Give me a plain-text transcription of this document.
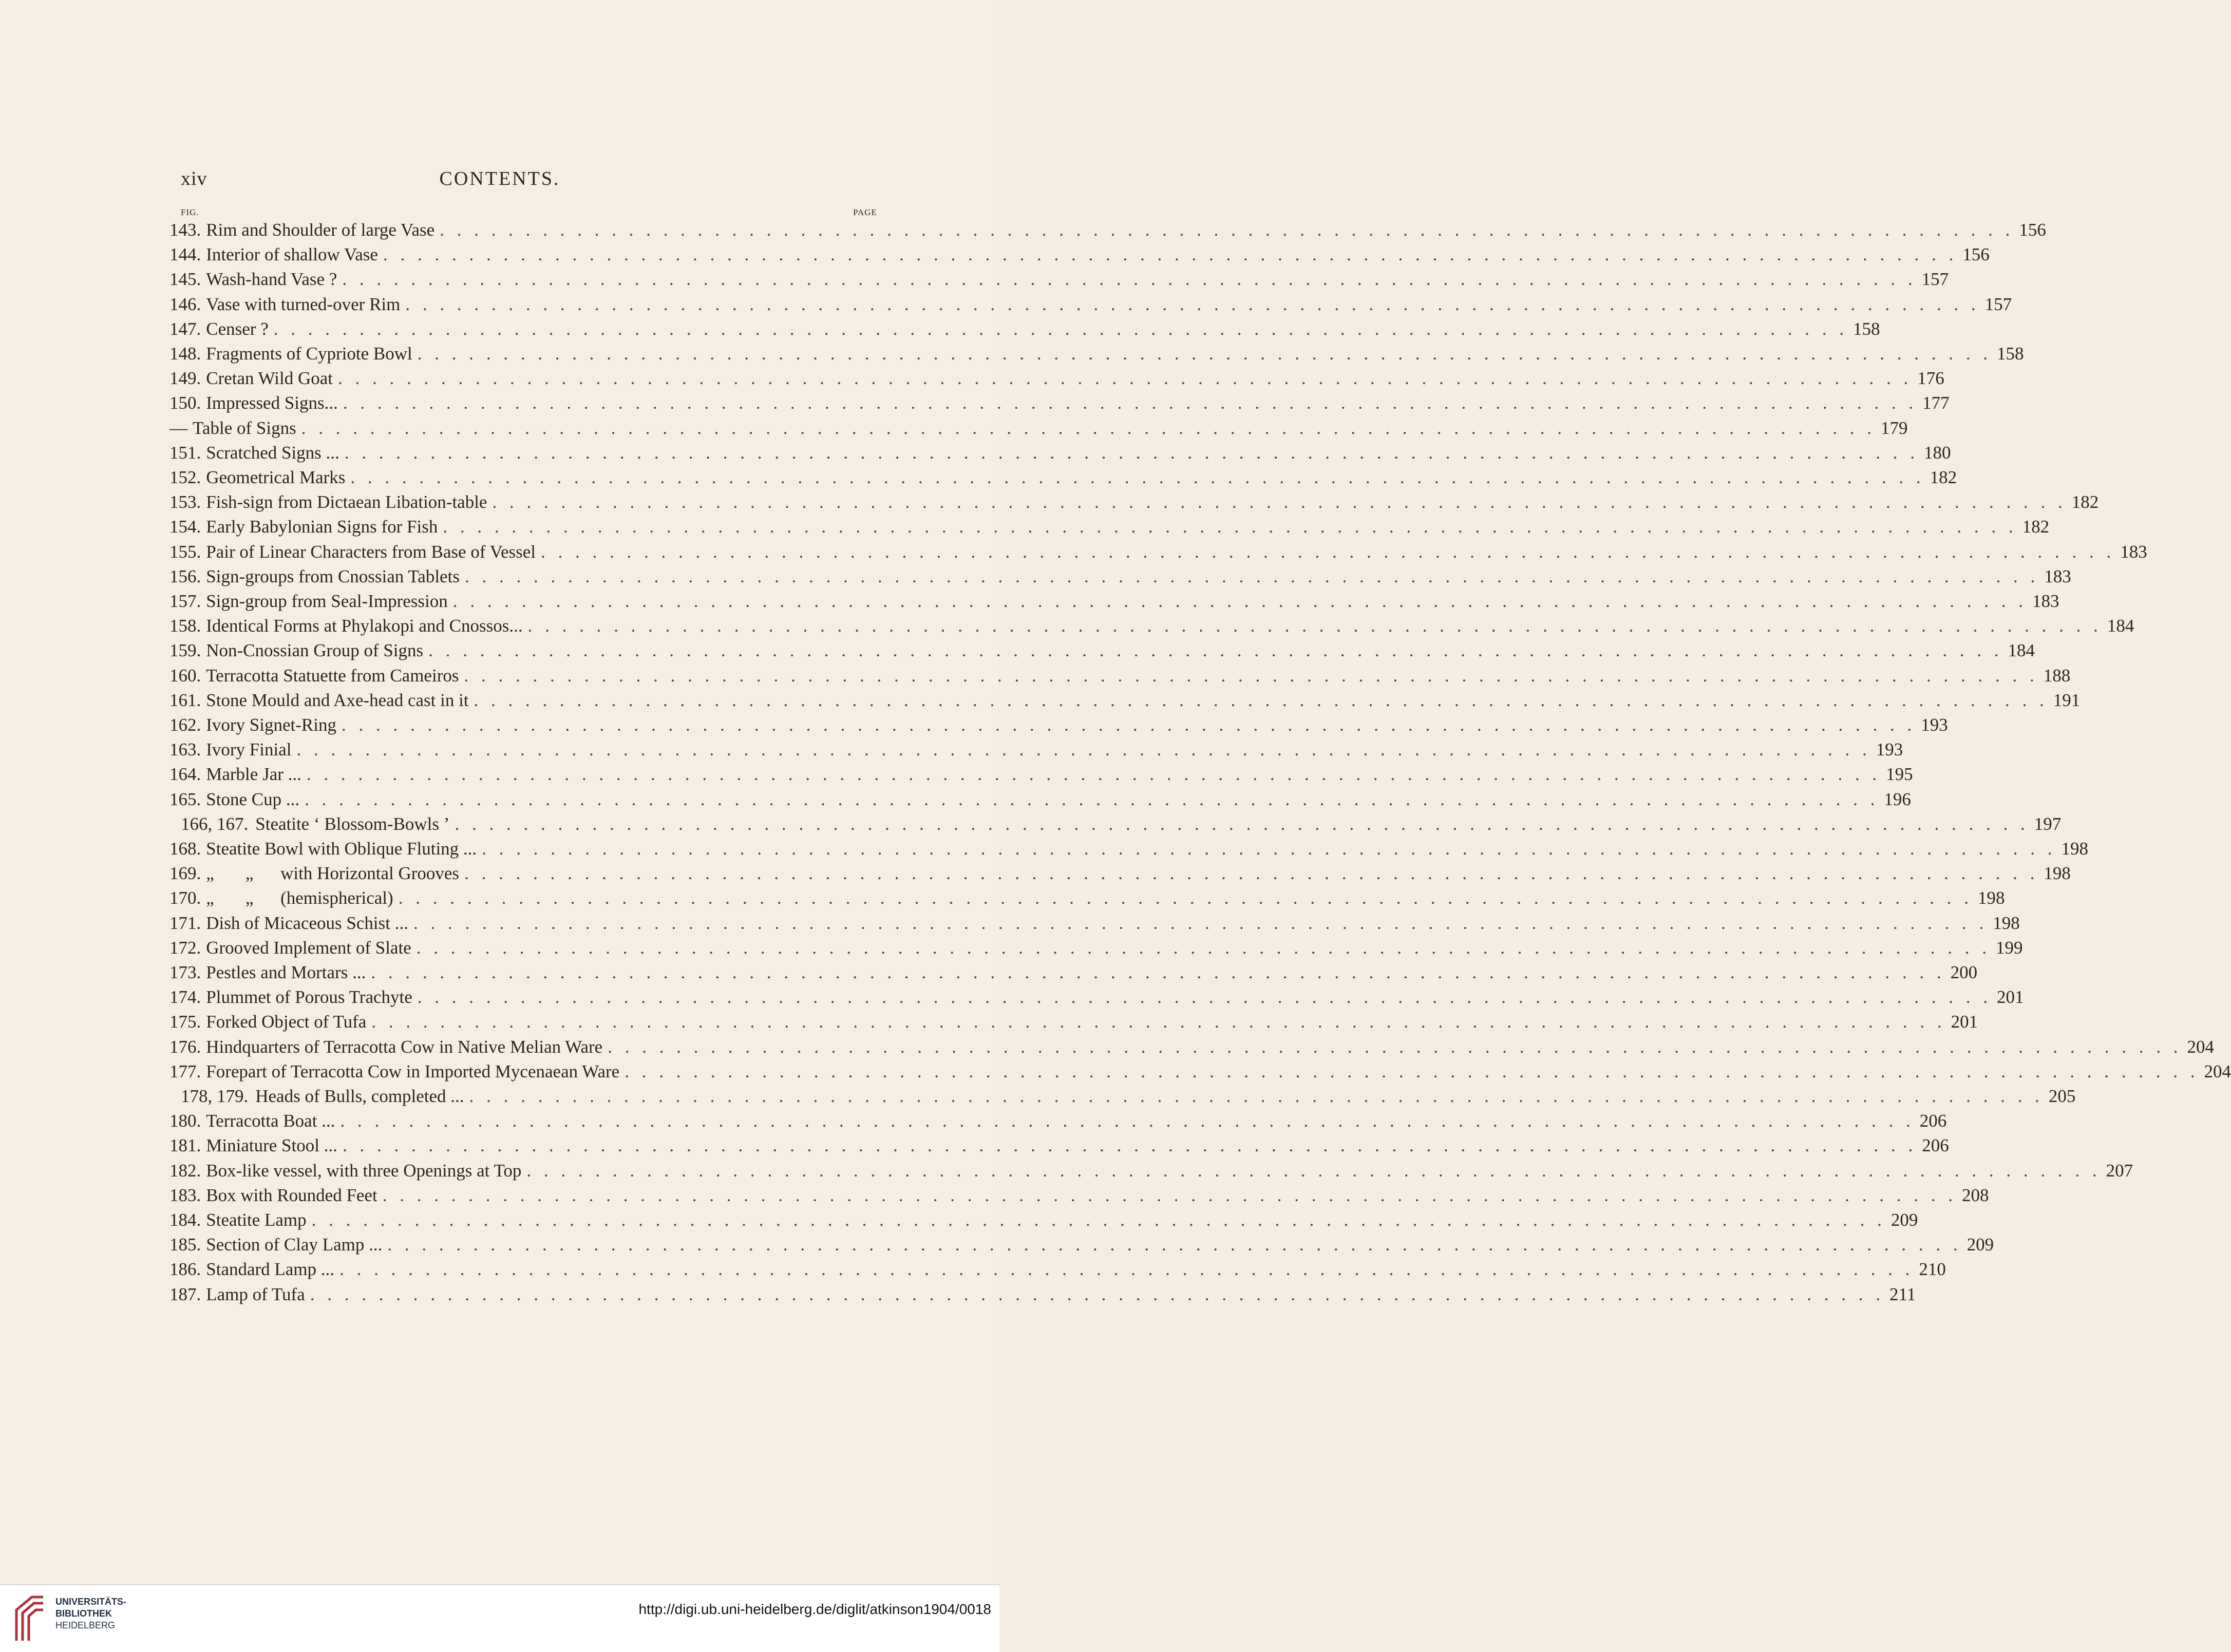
xiv	CONTENTS.
FIG.	PAGE
143. Rim and Shoulder of large Vase . . . . . . . . . . . . . . . . . . . . . . . . . . . . . . . . . . . . . . . . . . . . . . . . . . . . . . . . . . . . . . . . . . . . . . . . . . . . . . . . . . . . . . . . . . . . 156
144. Interior of shallow Vase . . . . . . . . . . . . . . . . . . . . . . . . . . . . . . . . . . . . . . . . . . . . . . . . . . . . . . . . . . . . . . . . . . . . . . . . . . . . . . . . . . . . . . . . . . . . 156
145. Wash-hand Vase ? . . . . . . . . . . . . . . . . . . . . . . . . . . . . . . . . . . . . . . . . . . . . . . . . . . . . . . . . . . . . . . . . . . . . . . . . . . . . . . . . . . . . . . . . . . . . 157
146. Vase with turned-over Rim . . . . . . . . . . . . . . . . . . . . . . . . . . . . . . . . . . . . . . . . . . . . . . . . . . . . . . . . . . . . . . . . . . . . . . . . . . . . . . . . . . . . . . . . . . . . 157
147. Censer ? . . . . . . . . . . . . . . . . . . . . . . . . . . . . . . . . . . . . . . . . . . . . . . . . . . . . . . . . . . . . . . . . . . . . . . . . . . . . . . . . . . . . . . . . . . . . 158
148. Fragments of Cypriote Bowl . . . . . . . . . . . . . . . . . . . . . . . . . . . . . . . . . . . . . . . . . . . . . . . . . . . . . . . . . . . . . . . . . . . . . . . . . . . . . . . . . . . . . . . . . . . . 158
149. Cretan Wild Goat . . . . . . . . . . . . . . . . . . . . . . . . . . . . . . . . . . . . . . . . . . . . . . . . . . . . . . . . . . . . . . . . . . . . . . . . . . . . . . . . . . . . . . . . . . . . 176
150. Impressed Signs... . . . . . . . . . . . . . . . . . . . . . . . . . . . . . . . . . . . . . . . . . . . . . . . . . . . . . . . . . . . . . . . . . . . . . . . . . . . . . . . . . . . . . . . . . . . . 177
— Table of Signs . . . . . . . . . . . . . . . . . . . . . . . . . . . . . . . . . . . . . . . . . . . . . . . . . . . . . . . . . . . . . . . . . . . . . . . . . . . . . . . . . . . . . . . . . . . . 179
151. Scratched Signs ... . . . . . . . . . . . . . . . . . . . . . . . . . . . . . . . . . . . . . . . . . . . . . . . . . . . . . . . . . . . . . . . . . . . . . . . . . . . . . . . . . . . . . . . . . . . . 180
152. Geometrical Marks . . . . . . . . . . . . . . . . . . . . . . . . . . . . . . . . . . . . . . . . . . . . . . . . . . . . . . . . . . . . . . . . . . . . . . . . . . . . . . . . . . . . . . . . . . . . 182
153. Fish-sign from Dictaean Libation-table . . . . . . . . . . . . . . . . . . . . . . . . . . . . . . . . . . . . . . . . . . . . . . . . . . . . . . . . . . . . . . . . . . . . . . . . . . . . . . . . . . . . . . . . . . . . 182
154. Early Babylonian Signs for Fish . . . . . . . . . . . . . . . . . . . . . . . . . . . . . . . . . . . . . . . . . . . . . . . . . . . . . . . . . . . . . . . . . . . . . . . . . . . . . . . . . . . . . . . . . . . . 182
155. Pair of Linear Characters from Base of Vessel . . . . . . . . . . . . . . . . . . . . . . . . . . . . . . . . . . . . . . . . . . . . . . . . . . . . . . . . . . . . . . . . . . . . . . . . . . . . . . . . . . . . . . . . . . . . 183
156. Sign-groups from Cnossian Tablets . . . . . . . . . . . . . . . . . . . . . . . . . . . . . . . . . . . . . . . . . . . . . . . . . . . . . . . . . . . . . . . . . . . . . . . . . . . . . . . . . . . . . . . . . . . . 183
157. Sign-group from Seal-Impression . . . . . . . . . . . . . . . . . . . . . . . . . . . . . . . . . . . . . . . . . . . . . . . . . . . . . . . . . . . . . . . . . . . . . . . . . . . . . . . . . . . . . . . . . . . . 183
158. Identical Forms at Phylakopi and Cnossos... . . . . . . . . . . . . . . . . . . . . . . . . . . . . . . . . . . . . . . . . . . . . . . . . . . . . . . . . . . . . . . . . . . . . . . . . . . . . . . . . . . . . . . . . . . . . 184
159. Non-Cnossian Group of Signs . . . . . . . . . . . . . . . . . . . . . . . . . . . . . . . . . . . . . . . . . . . . . . . . . . . . . . . . . . . . . . . . . . . . . . . . . . . . . . . . . . . . . . . . . . . . 184
160. Terracotta Statuette from Cameiros . . . . . . . . . . . . . . . . . . . . . . . . . . . . . . . . . . . . . . . . . . . . . . . . . . . . . . . . . . . . . . . . . . . . . . . . . . . . . . . . . . . . . . . . . . . . 188
161. Stone Mould and Axe-head cast in it . . . . . . . . . . . . . . . . . . . . . . . . . . . . . . . . . . . . . . . . . . . . . . . . . . . . . . . . . . . . . . . . . . . . . . . . . . . . . . . . . . . . . . . . . . . . 191
162. Ivory Signet-Ring . . . . . . . . . . . . . . . . . . . . . . . . . . . . . . . . . . . . . . . . . . . . . . . . . . . . . . . . . . . . . . . . . . . . . . . . . . . . . . . . . . . . . . . . . . . . 193
163. Ivory Finial . . . . . . . . . . . . . . . . . . . . . . . . . . . . . . . . . . . . . . . . . . . . . . . . . . . . . . . . . . . . . . . . . . . . . . . . . . . . . . . . . . . . . . . . . . . . 193
164. Marble Jar ... . . . . . . . . . . . . . . . . . . . . . . . . . . . . . . . . . . . . . . . . . . . . . . . . . . . . . . . . . . . . . . . . . . . . . . . . . . . . . . . . . . . . . . . . . . . . 195
165. Stone Cup ... . . . . . . . . . . . . . . . . . . . . . . . . . . . . . . . . . . . . . . . . . . . . . . . . . . . . . . . . . . . . . . . . . . . . . . . . . . . . . . . . . . . . . . . . . . . . 196
166, 167. Steatite ‘ Blossom-Bowls ’ . . . . . . . . . . . . . . . . . . . . . . . . . . . . . . . . . . . . . . . . . . . . . . . . . . . . . . . . . . . . . . . . . . . . . . . . . . . . . . . . . . . . . . . . . . . . 197
168. Steatite Bowl with Oblique Fluting ... . . . . . . . . . . . . . . . . . . . . . . . . . . . . . . . . . . . . . . . . . . . . . . . . . . . . . . . . . . . . . . . . . . . . . . . . . . . . . . . . . . . . . . . . . . . . 198
169. „       „      with Horizontal Grooves . . . . . . . . . . . . . . . . . . . . . . . . . . . . . . . . . . . . . . . . . . . . . . . . . . . . . . . . . . . . . . . . . . . . . . . . . . . . . . . . . . . . . . . . . . . . 198
170. „       „      (hemispherical) . . . . . . . . . . . . . . . . . . . . . . . . . . . . . . . . . . . . . . . . . . . . . . . . . . . . . . . . . . . . . . . . . . . . . . . . . . . . . . . . . . . . . . . . . . . . 198
171. Dish of Micaceous Schist ... . . . . . . . . . . . . . . . . . . . . . . . . . . . . . . . . . . . . . . . . . . . . . . . . . . . . . . . . . . . . . . . . . . . . . . . . . . . . . . . . . . . . . . . . . . . . 198
172. Grooved Implement of Slate . . . . . . . . . . . . . . . . . . . . . . . . . . . . . . . . . . . . . . . . . . . . . . . . . . . . . . . . . . . . . . . . . . . . . . . . . . . . . . . . . . . . . . . . . . . . 199
173. Pestles and Mortars ... . . . . . . . . . . . . . . . . . . . . . . . . . . . . . . . . . . . . . . . . . . . . . . . . . . . . . . . . . . . . . . . . . . . . . . . . . . . . . . . . . . . . . . . . . . . . 200
174. Plummet of Porous Trachyte . . . . . . . . . . . . . . . . . . . . . . . . . . . . . . . . . . . . . . . . . . . . . . . . . . . . . . . . . . . . . . . . . . . . . . . . . . . . . . . . . . . . . . . . . . . . 201
175. Forked Object of Tufa . . . . . . . . . . . . . . . . . . . . . . . . . . . . . . . . . . . . . . . . . . . . . . . . . . . . . . . . . . . . . . . . . . . . . . . . . . . . . . . . . . . . . . . . . . . . 201
176. Hindquarters of Terracotta Cow in Native Melian Ware . . . . . . . . . . . . . . . . . . . . . . . . . . . . . . . . . . . . . . . . . . . . . . . . . . . . . . . . . . . . . . . . . . . . . . . . . . . . . . . . . . . . . . . . . . . . 204
177. Forepart of Terracotta Cow in Imported Mycenaean Ware . . . . . . . . . . . . . . . . . . . . . . . . . . . . . . . . . . . . . . . . . . . . . . . . . . . . . . . . . . . . . . . . . . . . . . . . . . . . . . . . . . . . . . . . . . . . 204
178, 179. Heads of Bulls, completed ... . . . . . . . . . . . . . . . . . . . . . . . . . . . . . . . . . . . . . . . . . . . . . . . . . . . . . . . . . . . . . . . . . . . . . . . . . . . . . . . . . . . . . . . . . . . . 205
180. Terracotta Boat ... . . . . . . . . . . . . . . . . . . . . . . . . . . . . . . . . . . . . . . . . . . . . . . . . . . . . . . . . . . . . . . . . . . . . . . . . . . . . . . . . . . . . . . . . . . . . 206
181. Miniature Stool ... . . . . . . . . . . . . . . . . . . . . . . . . . . . . . . . . . . . . . . . . . . . . . . . . . . . . . . . . . . . . . . . . . . . . . . . . . . . . . . . . . . . . . . . . . . . . 206
182. Box-like vessel, with three Openings at Top . . . . . . . . . . . . . . . . . . . . . . . . . . . . . . . . . . . . . . . . . . . . . . . . . . . . . . . . . . . . . . . . . . . . . . . . . . . . . . . . . . . . . . . . . . . . 207
183. Box with Rounded Feet . . . . . . . . . . . . . . . . . . . . . . . . . . . . . . . . . . . . . . . . . . . . . . . . . . . . . . . . . . . . . . . . . . . . . . . . . . . . . . . . . . . . . . . . . . . . 208
184. Steatite Lamp . . . . . . . . . . . . . . . . . . . . . . . . . . . . . . . . . . . . . . . . . . . . . . . . . . . . . . . . . . . . . . . . . . . . . . . . . . . . . . . . . . . . . . . . . . . . 209
185. Section of Clay Lamp ... . . . . . . . . . . . . . . . . . . . . . . . . . . . . . . . . . . . . . . . . . . . . . . . . . . . . . . . . . . . . . . . . . . . . . . . . . . . . . . . . . . . . . . . . . . . . 209
186. Standard Lamp ... . . . . . . . . . . . . . . . . . . . . . . . . . . . . . . . . . . . . . . . . . . . . . . . . . . . . . . . . . . . . . . . . . . . . . . . . . . . . . . . . . . . . . . . . . . . . 210
187. Lamp of Tufa . . . . . . . . . . . . . . . . . . . . . . . . . . . . . . . . . . . . . . . . . . . . . . . . . . . . . . . . . . . . . . . . . . . . . . . . . . . . . . . . . . . . . . . . . . . . 211
UNIVERSITÄTS-
BIBLIOTHEK
HEIDELBERG
http://digi.ub.uni-heidelberg.de/diglit/atkinson1904/0018
